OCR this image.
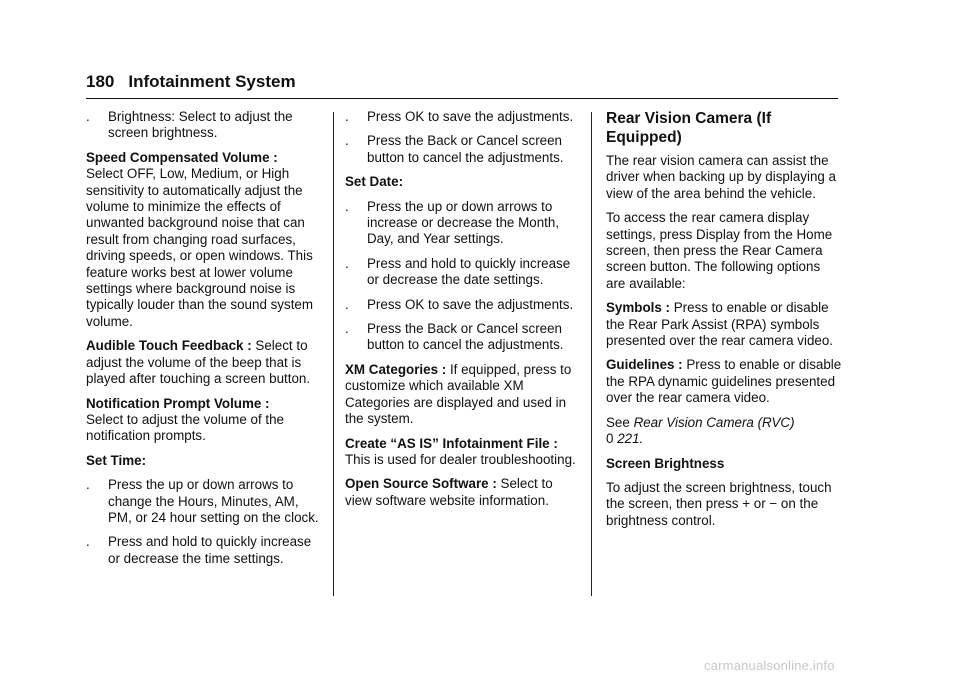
180 Infotainment System
.	Brightness: Select to adjust the screen brightness.

Speed Compensated Volume :
Select OFF, Low, Medium, or High sensitivity to automatically adjust the volume to minimize the effects of unwanted background noise that can result from changing road surfaces, driving speeds, or open windows. This feature works best at lower volume settings where background noise is typically louder than the sound system volume.

Audible Touch Feedback : Select to adjust the volume of the beep that is played after touching a screen button.

Notification Prompt Volume :
Select to adjust the volume of the notification prompts.

Set Time:

.	Press the up or down arrows to change the Hours, Minutes, AM, PM, or 24 hour setting on the clock.
.	Press and hold to quickly increase or decrease the time settings.
.	Press OK to save the adjustments.
.	Press the Back or Cancel screen button to cancel the adjustments.

Set Date:

.	Press the up or down arrows to increase or decrease the Month, Day, and Year settings.
.	Press and hold to quickly increase or decrease the date settings.
.	Press OK to save the adjustments.
.	Press the Back or Cancel screen button to cancel the adjustments.

XM Categories : If equipped, press to customize which available XM Categories are displayed and used in the system.

Create “AS IS” Infotainment File : This is used for dealer troubleshooting.

Open Source Software : Select to view software website information.

Rear Vision Camera (If Equipped)

The rear vision camera can assist the driver when backing up by displaying a view of the area behind the vehicle.

To access the rear camera display settings, press Display from the Home screen, then press the Rear Camera screen button. The following options are available:

Symbols : Press to enable or disable the Rear Park Assist (RPA) symbols presented over the rear camera video.

Guidelines : Press to enable or disable the RPA dynamic guidelines presented over the rear camera video.

See Rear Vision Camera (RVC)
0 221.

Screen Brightness

To adjust the screen brightness, touch the screen, then press + or − on the brightness control.

carmanualsonline.info
